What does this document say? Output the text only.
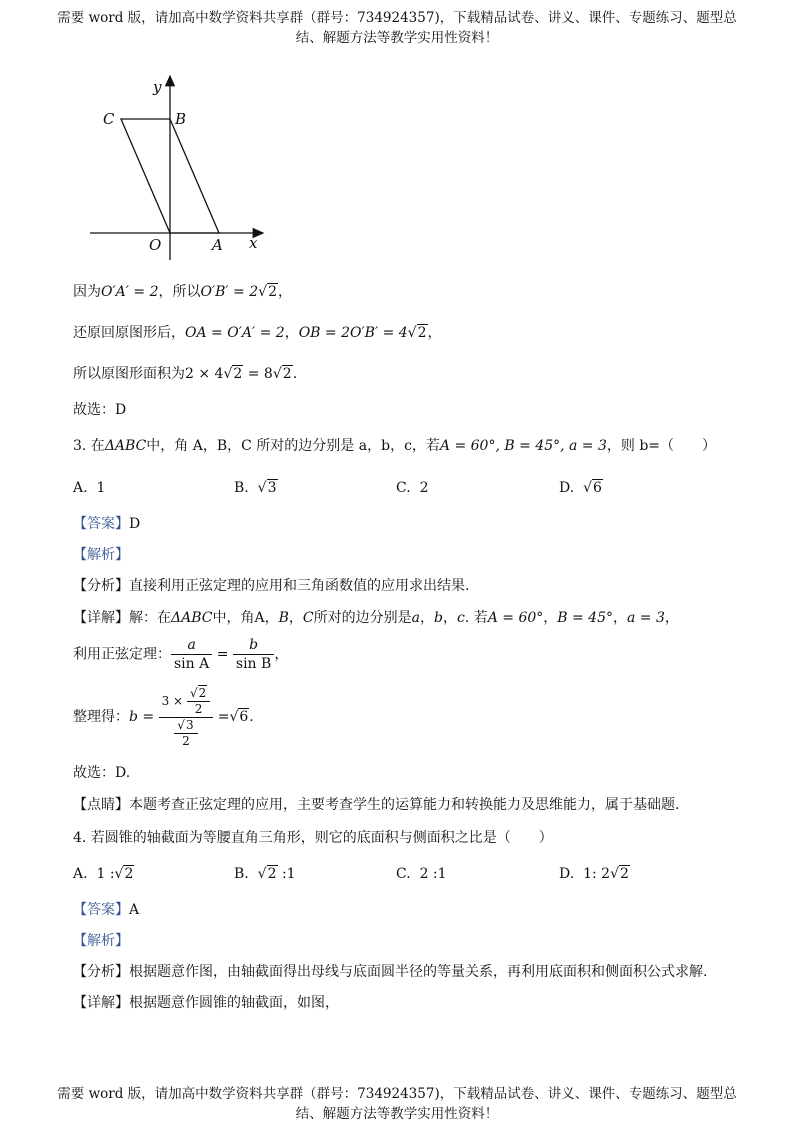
需要 word 版，请加高中数学资料共享群（群号：734924357)，下载精品试卷、讲义、课件、专题练习、题型总
结、解题方法等教学实用性资料！
y
x
C	B
O	A
因为O′A′ = 2，所以O′B′ = 2√2，
还原回原图形后，OA = O′A′ = 2，OB = 2O′B′ = 4√2，
所以原图形面积为2 × 4√2 = 8√2.
故选：D
3. 在ΔABC中，角 A，B，C 所对的边分别是 a，b，c，若A = 60°, B = 45°, a = 3，则 b=（　　）
A. 1	B. √3	C. 2	D. √6
【答案】D
【解析】
【分析】直接利用正弦定理的应用和三角函数值的应用求出结果.
【详解】解：在ΔABC中，角A，B，C所对的边分别是a，b，c. 若A = 60°，B = 45°，a = 3，
利用正弦定理： $\frac{a}{\text{sin A}} = \frac{b}{\text{sin B}}$ ，
整理得：$b = \frac{3 \times \frac{√2}{2}}{\frac{√3}{2}} =√6$.
故选：D.
【点睛】本题考查正弦定理的应用，主要考查学生的运算能力和转换能力及思维能力，属于基础题.
4. 若圆锥的轴截面为等腰直角三角形，则它的底面积与侧面积之比是（　　）
A. 1 :√2	B. √2 :1	C. 2 :1	D. 1: 2√2
【答案】A
【解析】
【分析】根据题意作图，由轴截面得出母线与底面圆半径的等量关系，再利用底面积和侧面积公式求解.
【详解】根据题意作圆锥的轴截面，如图，
需要 word 版，请加高中数学资料共享群（群号：734924357)，下载精品试卷、讲义、课件、专题练习、题型总
结、解题方法等教学实用性资料！
